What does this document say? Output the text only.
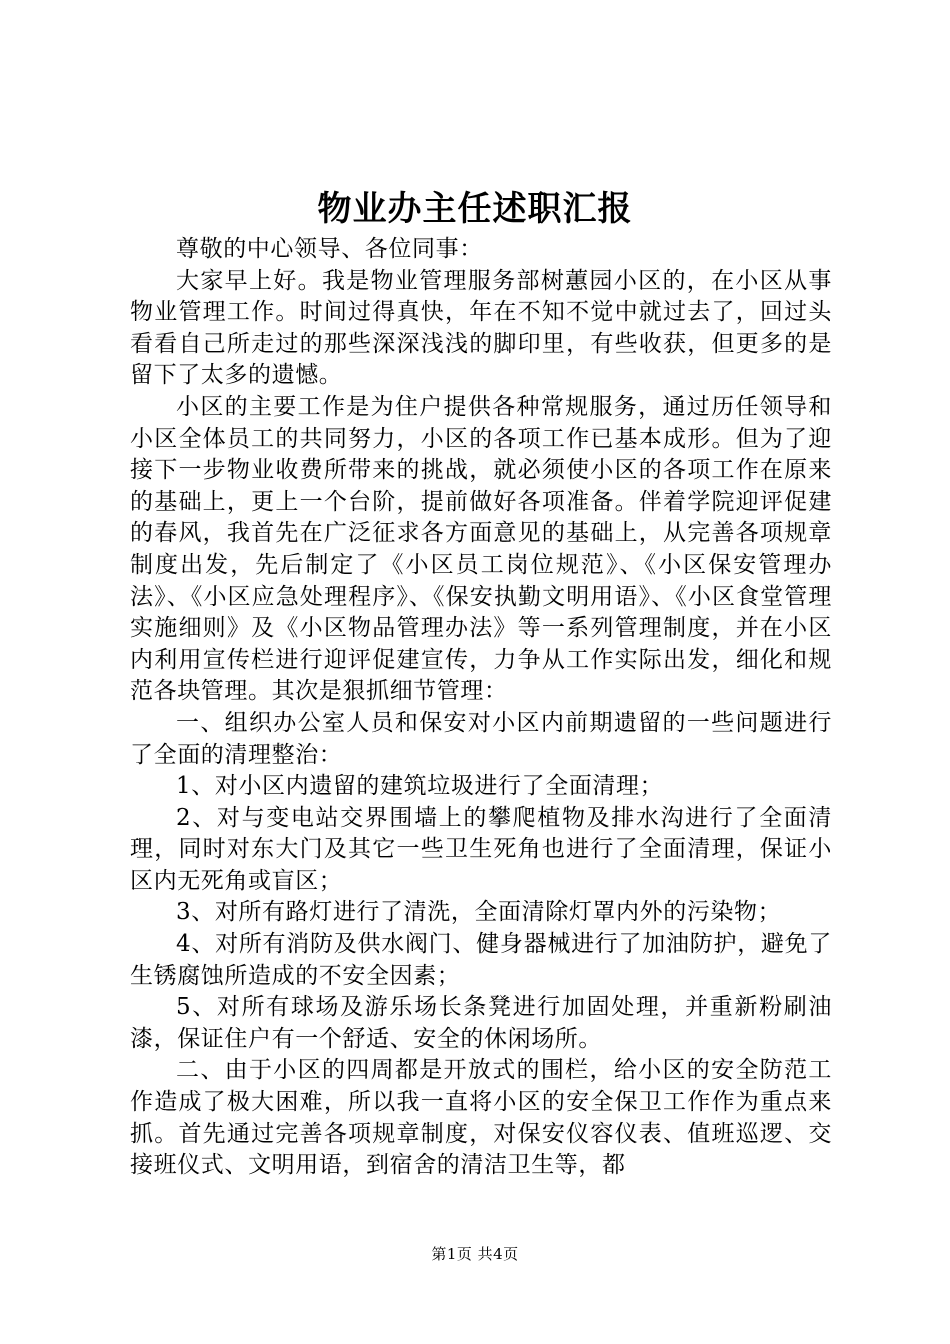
物业办主任述职汇报

尊敬的中心领导、各位同事：

大家早上好。我是物业管理服务部树蕙园小区的，在小区从事物业管理工作。时间过得真快，年在不知不觉中就过去了，回过头看看自己所走过的那些深深浅浅的脚印里，有些收获，但更多的是留下了太多的遗憾。

小区的主要工作是为住户提供各种常规服务，通过历任领导和小区全体员工的共同努力，小区的各项工作已基本成形。但为了迎接下一步物业收费所带来的挑战，就必须使小区的各项工作在原来的基础上，更上一个台阶，提前做好各项准备。伴着学院迎评促建的春风，我首先在广泛征求各方面意见的基础上，从完善各项规章制度出发，先后制定了《小区员工岗位规范》、《小区保安管理办法》、《小区应急处理程序》、《保安执勤文明用语》、《小区食堂管理实施细则》及《小区物品管理办法》等一系列管理制度，并在小区内利用宣传栏进行迎评促建宣传，力争从工作实际出发，细化和规范各块管理。其次是狠抓细节管理：

一、组织办公室人员和保安对小区内前期遗留的一些问题进行了全面的清理整治：

1、对小区内遗留的建筑垃圾进行了全面清理；

2、对与变电站交界围墙上的攀爬植物及排水沟进行了全面清理，同时对东大门及其它一些卫生死角也进行了全面清理，保证小区内无死角或盲区；

3、对所有路灯进行了清洗，全面清除灯罩内外的污染物；

4、对所有消防及供水阀门、健身器械进行了加油防护，避免了生锈腐蚀所造成的不安全因素；

5、对所有球场及游乐场长条凳进行加固处理，并重新粉刷油漆，保证住户有一个舒适、安全的休闲场所。

二、由于小区的四周都是开放式的围栏，给小区的安全防范工作造成了极大困难，所以我一直将小区的安全保卫工作作为重点来抓。首先通过完善各项规章制度，对保安仪容仪表、值班巡逻、交接班仪式、文明用语，到宿舍的清洁卫生等，都

第1页 共4页
